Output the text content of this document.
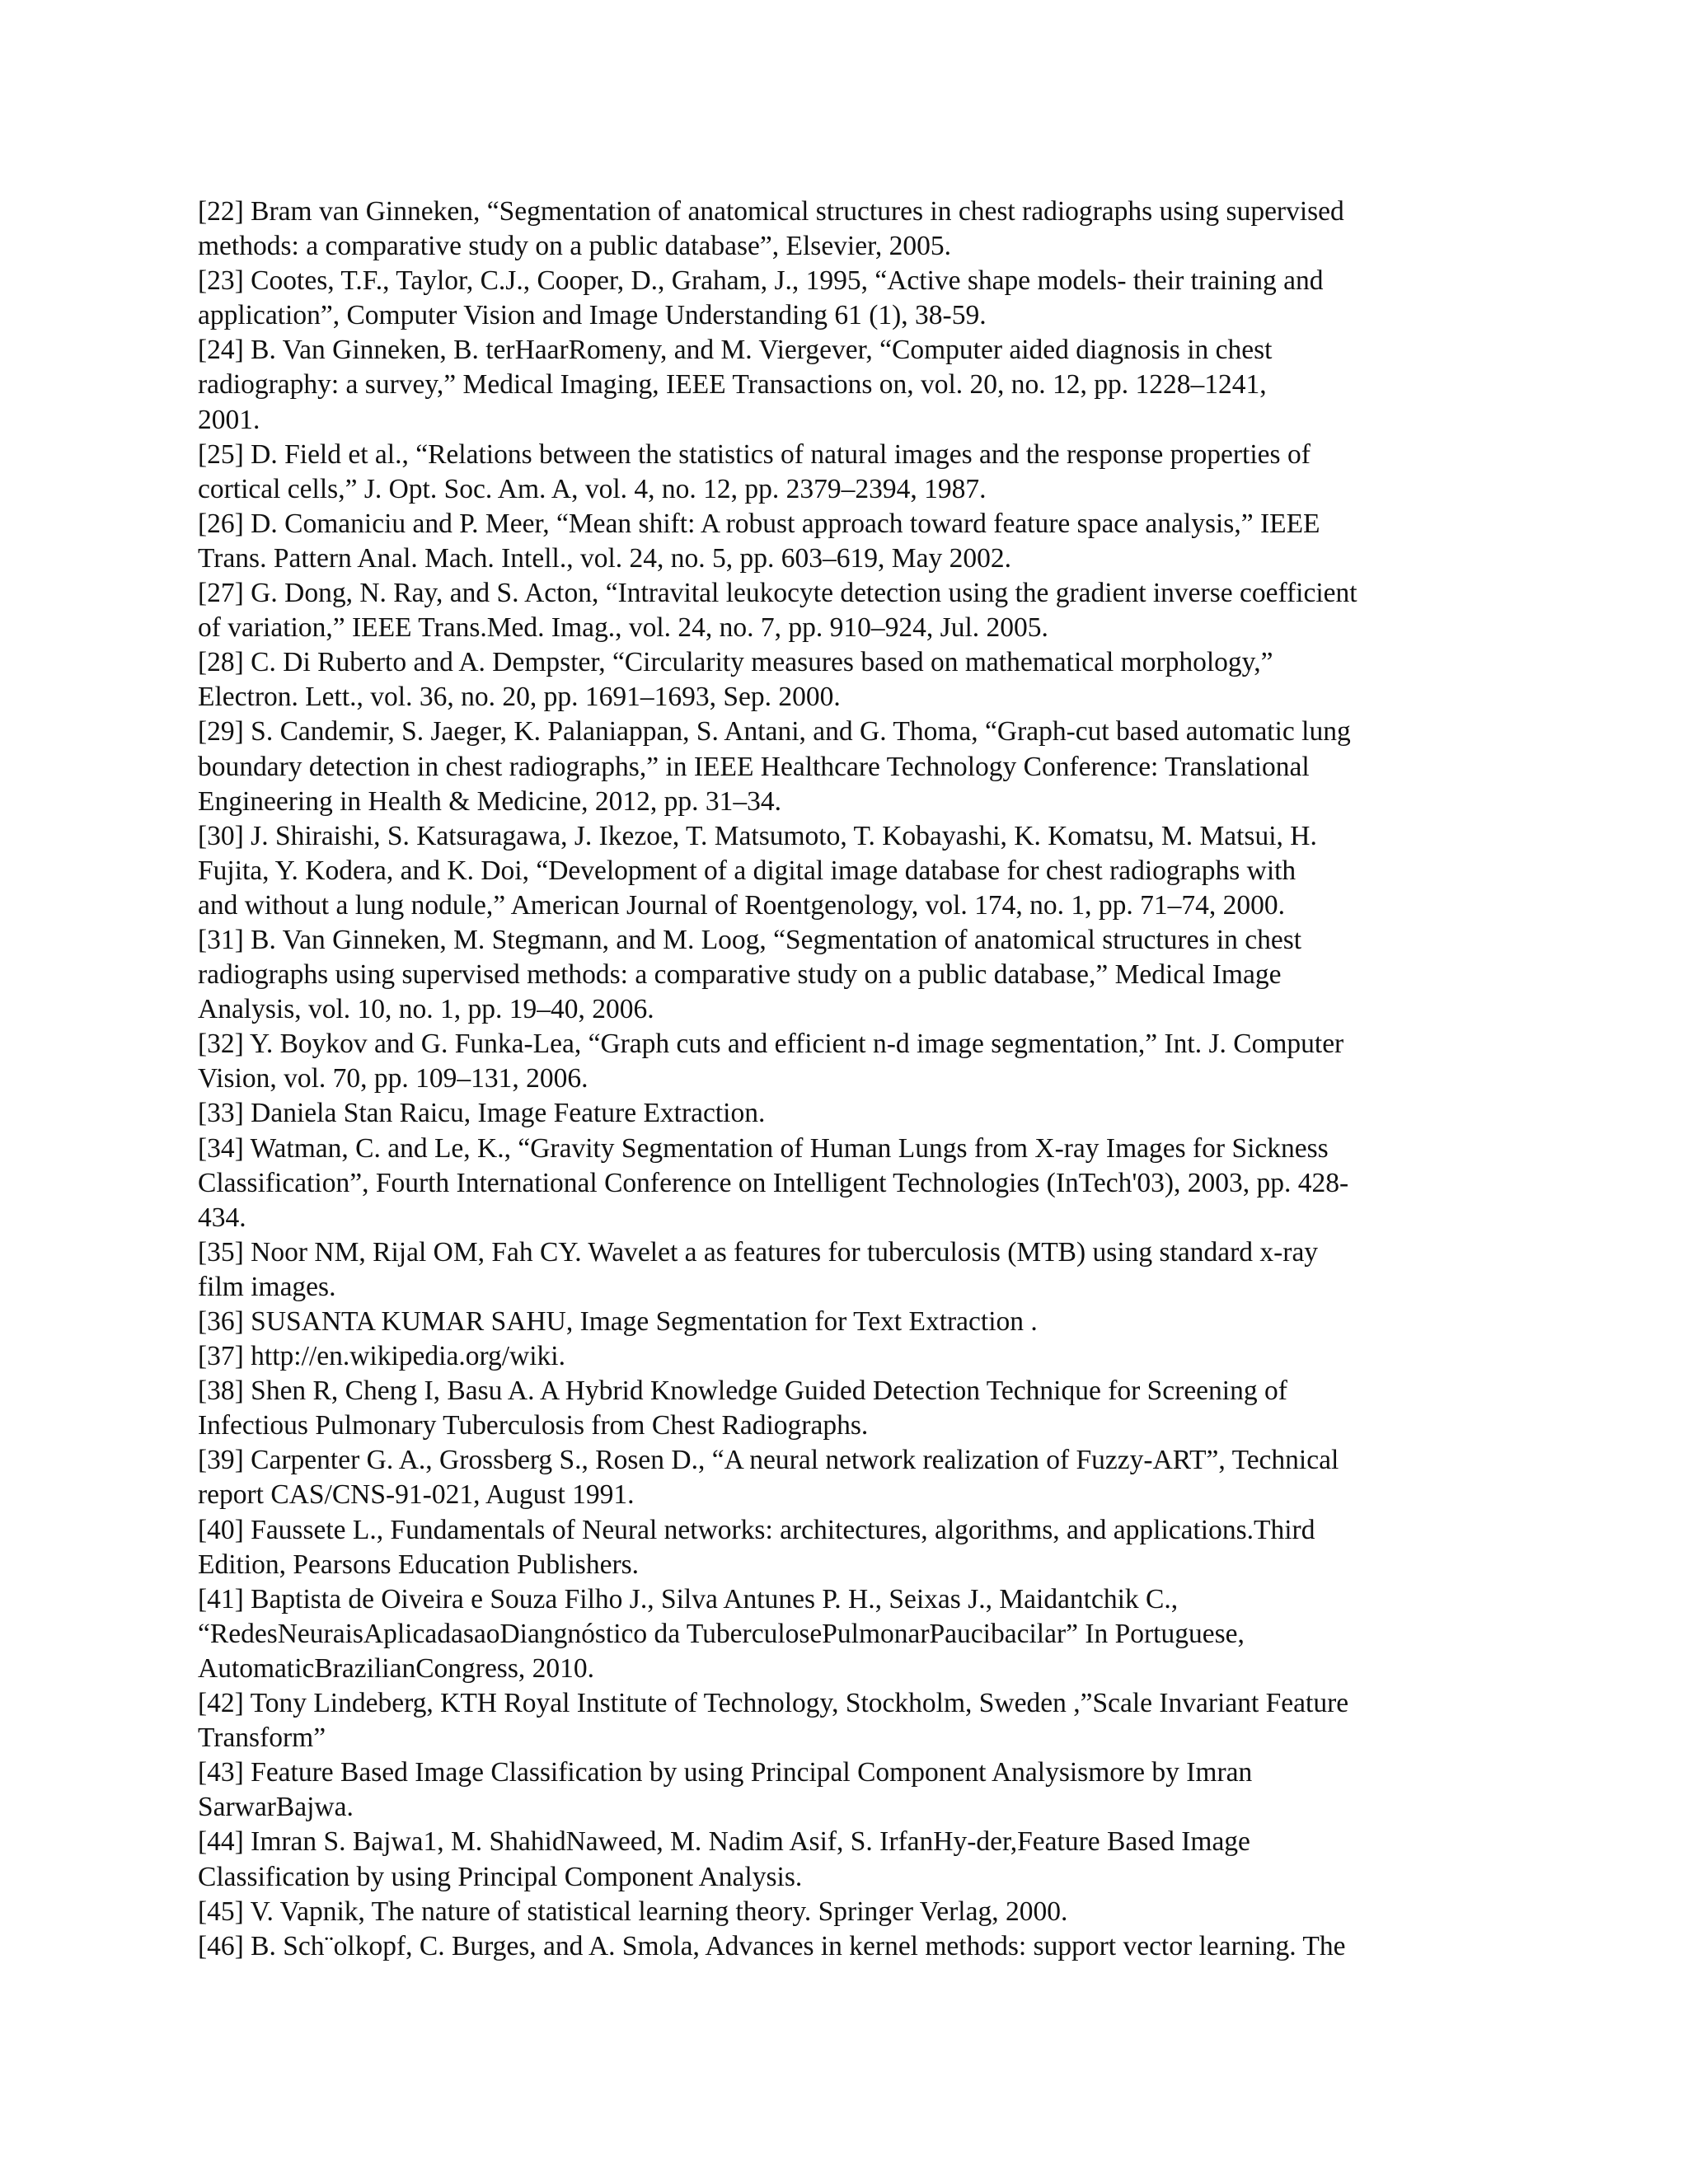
[22] Bram van Ginneken, “Segmentation of anatomical structures in chest radiographs using supervised
methods: a comparative study on a public database”, Elsevier, 2005.

[23] Cootes, T.F., Taylor, C.J., Cooper, D., Graham, J., 1995, “Active shape models- their training and
application”, Computer Vision and Image Understanding 61 (1), 38-59.

[24] B. Van Ginneken, B. terHaarRomeny, and M. Viergever, “Computer aided diagnosis in chest
radiography: a survey,” Medical Imaging, IEEE Transactions on, vol. 20, no. 12, pp. 1228–1241,
2001.

[25] D. Field et al., “Relations between the statistics of natural images and the response properties of
cortical cells,” J. Opt. Soc. Am. A, vol. 4, no. 12, pp. 2379–2394, 1987.

[26] D. Comaniciu and P. Meer, “Mean shift: A robust approach toward feature space analysis,” IEEE
Trans. Pattern Anal. Mach. Intell., vol. 24, no. 5, pp. 603–619, May 2002.

[27] G. Dong, N. Ray, and S. Acton, “Intravital leukocyte detection using the gradient inverse coefficient
of variation,” IEEE Trans.Med. Imag., vol. 24, no. 7, pp. 910–924, Jul. 2005.

[28] C. Di Ruberto and A. Dempster, “Circularity measures based on mathematical morphology,”
Electron. Lett., vol. 36, no. 20, pp. 1691–1693, Sep. 2000.

[29] S. Candemir, S. Jaeger, K. Palaniappan, S. Antani, and G. Thoma, “Graph-cut based automatic lung
boundary detection in chest radiographs,” in IEEE Healthcare Technology Conference: Translational
Engineering in Health & Medicine, 2012, pp. 31–34.

[30] J. Shiraishi, S. Katsuragawa, J. Ikezoe, T. Matsumoto, T. Kobayashi, K. Komatsu, M. Matsui, H.
Fujita, Y. Kodera, and K. Doi, “Development of a digital image database for chest radiographs with
and without a lung nodule,” American Journal of Roentgenology, vol. 174, no. 1, pp. 71–74, 2000.

[31] B. Van Ginneken, M. Stegmann, and M. Loog, “Segmentation of anatomical structures in chest
radiographs using supervised methods: a comparative study on a public database,” Medical Image
Analysis, vol. 10, no. 1, pp. 19–40, 2006.

[32] Y. Boykov and G. Funka-Lea, “Graph cuts and efficient n-d image segmentation,” Int. J. Computer
Vision, vol. 70, pp. 109–131, 2006.

[33] Daniela Stan Raicu, Image Feature Extraction.

[34] Watman, C. and Le, K., “Gravity Segmentation of Human Lungs from X-ray Images for Sickness
Classification”, Fourth International Conference on Intelligent Technologies (InTech'03), 2003, pp. 428-
434.

[35] Noor NM, Rijal OM, Fah CY. Wavelet a as features for tuberculosis (MTB) using standard x-ray
film images.

[36] SUSANTA KUMAR SAHU, Image Segmentation for Text Extraction .

[37] http://en.wikipedia.org/wiki.

[38] Shen R, Cheng I, Basu A. A Hybrid Knowledge Guided Detection Technique for Screening of
Infectious Pulmonary Tuberculosis from Chest Radiographs.

[39] Carpenter G. A., Grossberg S., Rosen D., “A neural network realization of Fuzzy-ART”, Technical
report CAS/CNS-91-021, August 1991.

[40] Faussete L., Fundamentals of Neural networks: architectures, algorithms, and applications.Third
Edition, Pearsons Education Publishers.

[41] Baptista de Oiveira e Souza Filho J., Silva Antunes P. H., Seixas J., Maidantchik C.,
“RedesNeuraisAplicadasaoDiangnóstico da TuberculosePulmonarPaucibacilar” In Portuguese,
AutomaticBrazilianCongress, 2010.

[42] Tony Lindeberg, KTH Royal Institute of Technology, Stockholm, Sweden ,”Scale Invariant Feature
Transform”

[43] Feature Based Image Classification by using Principal Component Analysismore by Imran
SarwarBajwa.

[44] Imran S. Bajwa1, M. ShahidNaweed, M. Nadim Asif, S. IrfanHy-der,Feature Based Image
Classification by using Principal Component Analysis.

[45] V. Vapnik, The nature of statistical learning theory. Springer Verlag, 2000.

[46] B. Sch¨olkopf, C. Burges, and A. Smola, Advances in kernel methods: support vector learning. The
